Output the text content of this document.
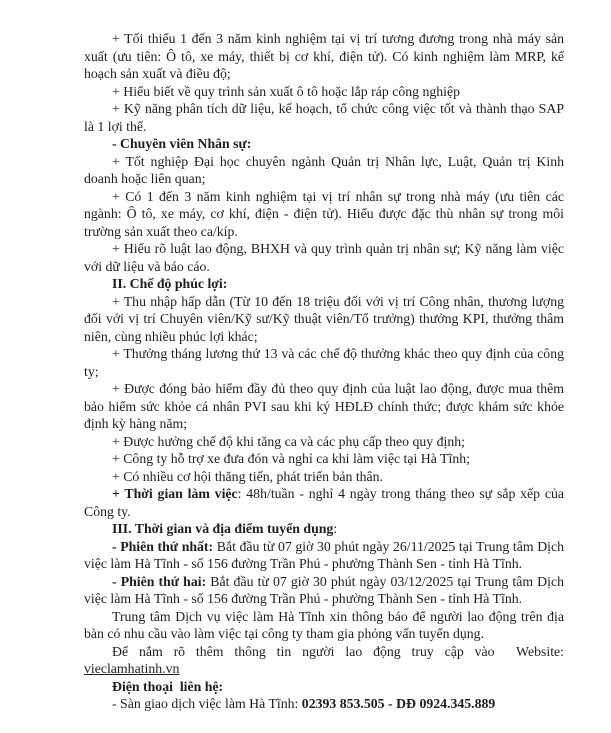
+ Tối thiểu 1 đến 3 năm kinh nghiệm tại vị trí tương đương trong nhà máy sản xuất (ưu tiên: Ô tô, xe máy, thiết bị cơ khí, điện tử). Có kinh nghiệm làm MRP, kế hoạch sản xuất và điều độ;

+ Hiểu biết về quy trình sản xuất ô tô hoặc lắp ráp công nghiệp

+ Kỹ năng phân tích dữ liệu, kế hoạch, tổ chức công việc tốt và thành thạo SAP là 1 lợi thế.

- Chuyên viên Nhân sự:

+ Tốt nghiệp Đại học chuyên ngành Quản trị Nhân lực, Luật, Quản trị Kinh doanh hoặc liên quan;

+ Có 1 đến 3 năm kinh nghiệm tại vị trí nhân sự trong nhà máy (ưu tiên các ngành: Ô tô, xe máy, cơ khí, điện - điện tử). Hiểu được đặc thù nhân sự trong môi trường sản xuất theo ca/kíp.

+ Hiểu rõ luật lao động, BHXH và quy trình quản trị nhân sự; Kỹ năng làm việc với dữ liệu và báo cáo.

II. Chế độ phúc lợi:

+ Thu nhập hấp dẫn (Từ 10 đến 18 triệu đối với vị trí Công nhân, thương lượng đối với vị trí Chuyên viên/Kỹ sư/Kỹ thuật viên/Tổ trưởng) thưởng KPI, thưởng thâm niên, cùng nhiều phúc lợi khác;

+ Thưởng tháng lương thứ 13 và các chế độ thưởng khác theo quy định của công ty;

+ Được đóng bảo hiểm đầy đủ theo quy định của luật lao động, được mua thêm bảo hiểm sức khỏe cá nhân PVI sau khi ký HĐLĐ chính thức; được khám sức khỏe định kỳ hàng năm;

+ Được hưởng chế độ khi tăng ca và các phụ cấp theo quy định;

+ Công ty hỗ trợ xe đưa đón và nghỉ ca khi làm việc tại Hà Tĩnh;

+ Có nhiều cơ hội thăng tiến, phát triển bản thân.

+ Thời gian làm việc: 48h/tuần - nghỉ 4 ngày trong tháng theo sự sắp xếp của Công ty.

III. Thời gian và địa điểm tuyển dụng:

- Phiên thứ nhất: Bắt đầu từ 07 giờ 30 phút ngày 26/11/2025 tại Trung tâm Dịch việc làm Hà Tĩnh - số 156 đường Trần Phú - phường Thành Sen - tỉnh Hà Tĩnh.

- Phiên thứ hai: Bắt đầu từ 07 giờ 30 phút ngày 03/12/2025 tại Trung tâm Dịch việc làm Hà Tĩnh - số 156 đường Trần Phú - phường Thành Sen - tỉnh Hà Tĩnh.

Trung tâm Dịch vụ việc làm Hà Tĩnh xin thông báo để người lao động trên địa bàn có nhu cầu vào làm việc tại công ty tham gia phỏng vấn tuyển dụng.

Để nắm rõ thêm thông tin người lao động truy cập vào  Website: vieclamhatinh.vn

Điện thoại  liên hệ:

- Sàn giao dịch việc làm Hà Tĩnh: 02393 853.505 - DĐ 0924.345.889
